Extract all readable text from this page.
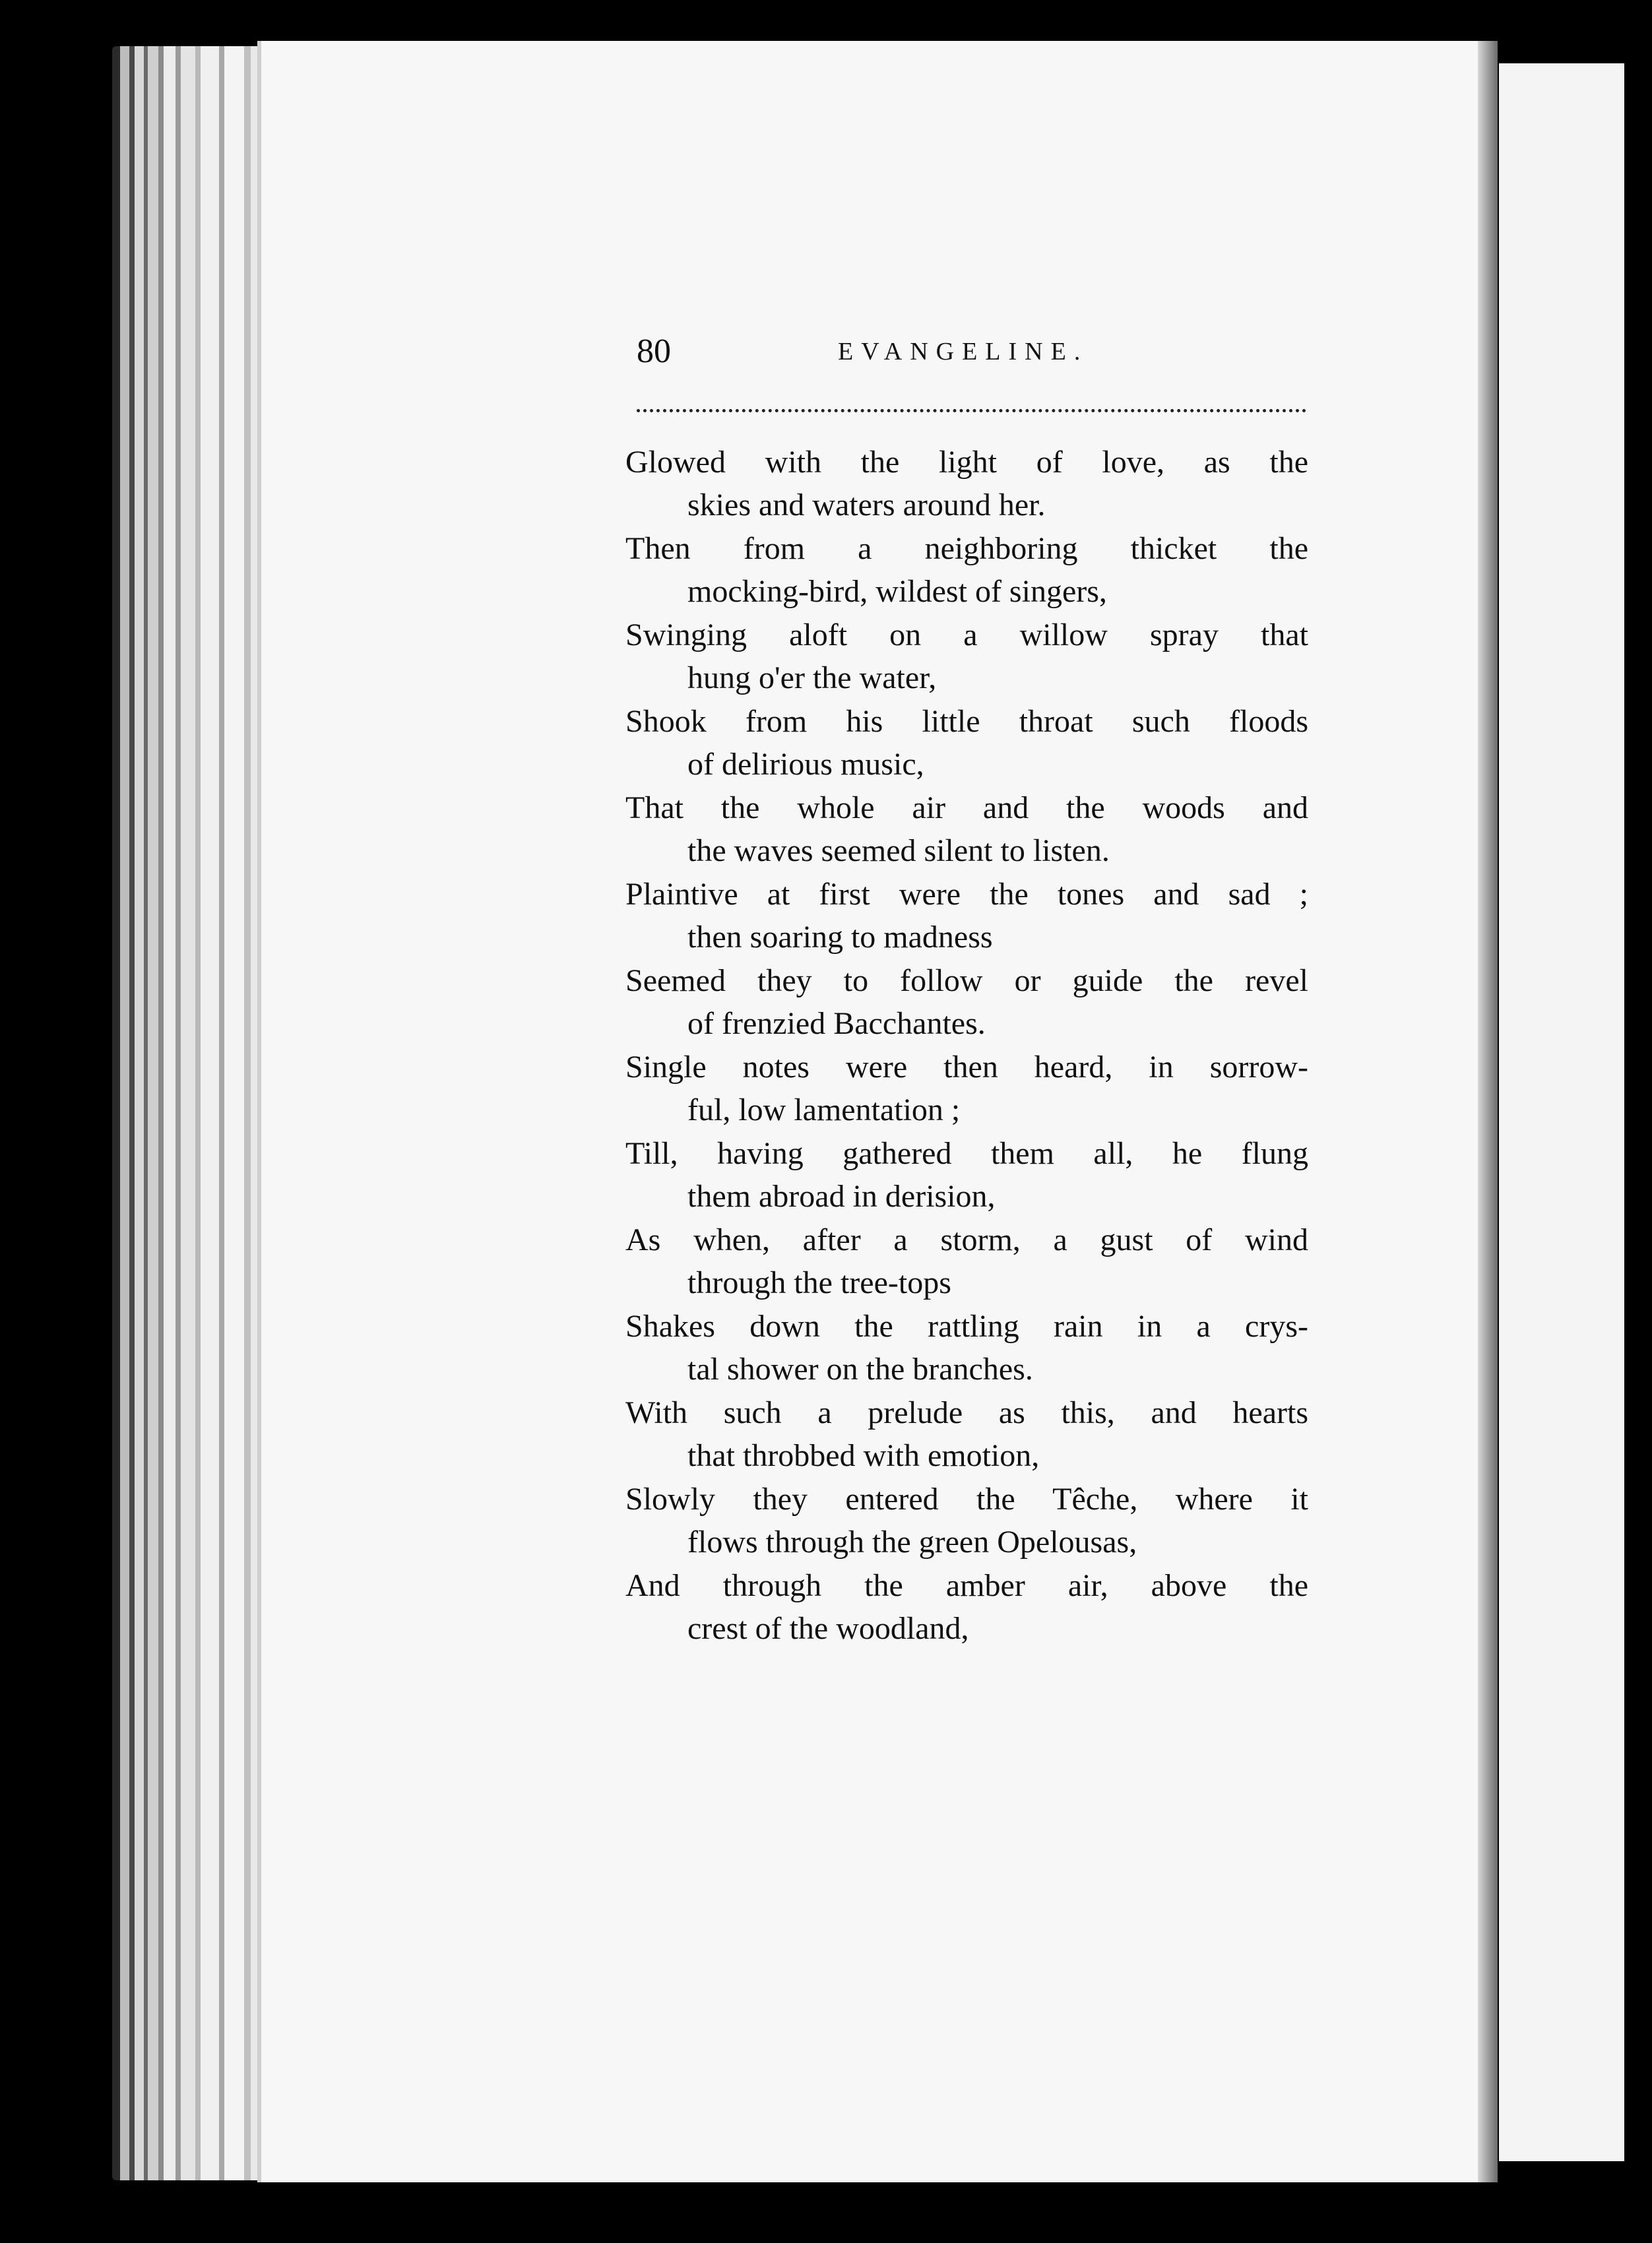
80	EVANGELINE.
Glowed with the light of love, as the
skies and waters around her.
Then from a neighboring thicket the
mocking-bird, wildest of singers,
Swinging aloft on a willow spray that
hung o'er the water,
Shook from his little throat such floods
of delirious music,
That the whole air and the woods and
the waves seemed silent to listen.
Plaintive at first were the tones and sad ;
then soaring to madness
Seemed they to follow or guide the revel
of frenzied Bacchantes.
Single notes were then heard, in sorrow-
ful, low lamentation ;
Till, having gathered them all, he flung
them abroad in derision,
As when, after a storm, a gust of wind
through the tree-tops
Shakes down the rattling rain in a crys-
tal shower on the branches.
With such a prelude as this, and hearts
that throbbed with emotion,
Slowly they entered the Têche, where it
flows through the green Opelousas,
And through the amber air, above the
crest of the woodland,
